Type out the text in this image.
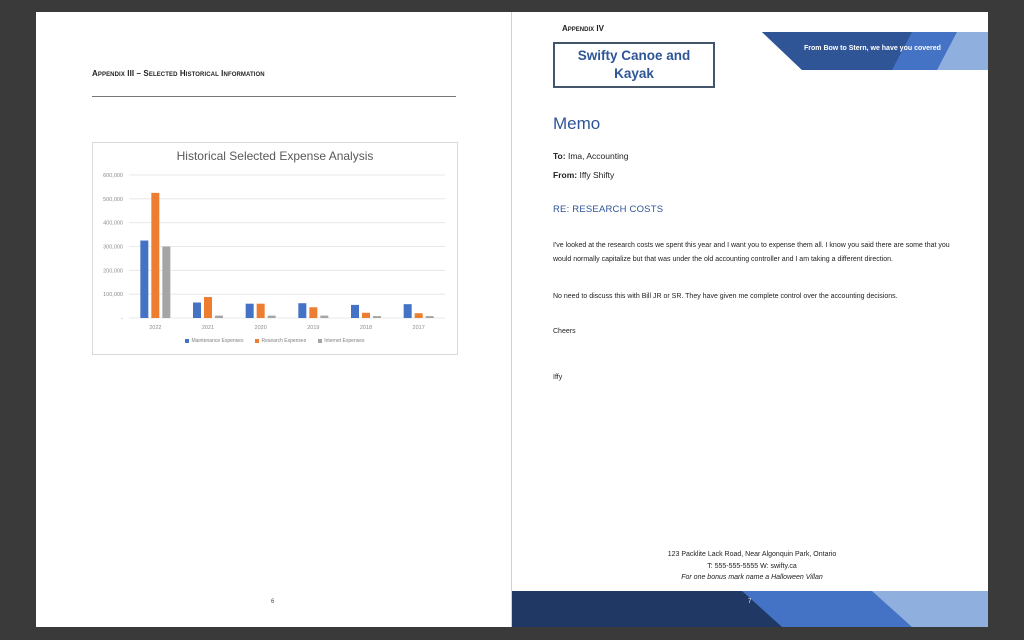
Appendix III – Selected Historical Information
Historical Selected Expense Analysis
600,000
500,000
400,000
300,000
200,000
100,000
-
2022	2021	2020	2019	2018	2017
Maintenance Expenses	Research Expenses	Internet Expenses
6
Appendix IV
Swifty Canoe and Kayak
From Bow to Stern, we have you covered
Memo
To: Ima, Accounting
From: Iffy Shifty
RE: RESEARCH COSTS
I've looked at the research costs we spent this year and I want you to expense them all. I know you said there are some that you would normally capitalize but that was under the old accounting controller and I am taking a different direction.
No need to discuss this with Bill JR or SR. They have given me complete control over the accounting decisions.
Cheers
Iffy
123 Packlite Lack Road, Near Algonquin Park, Ontario
T: 555-555-5555 W: swifty.ca
For one bonus mark name a Halloween Villan
7
